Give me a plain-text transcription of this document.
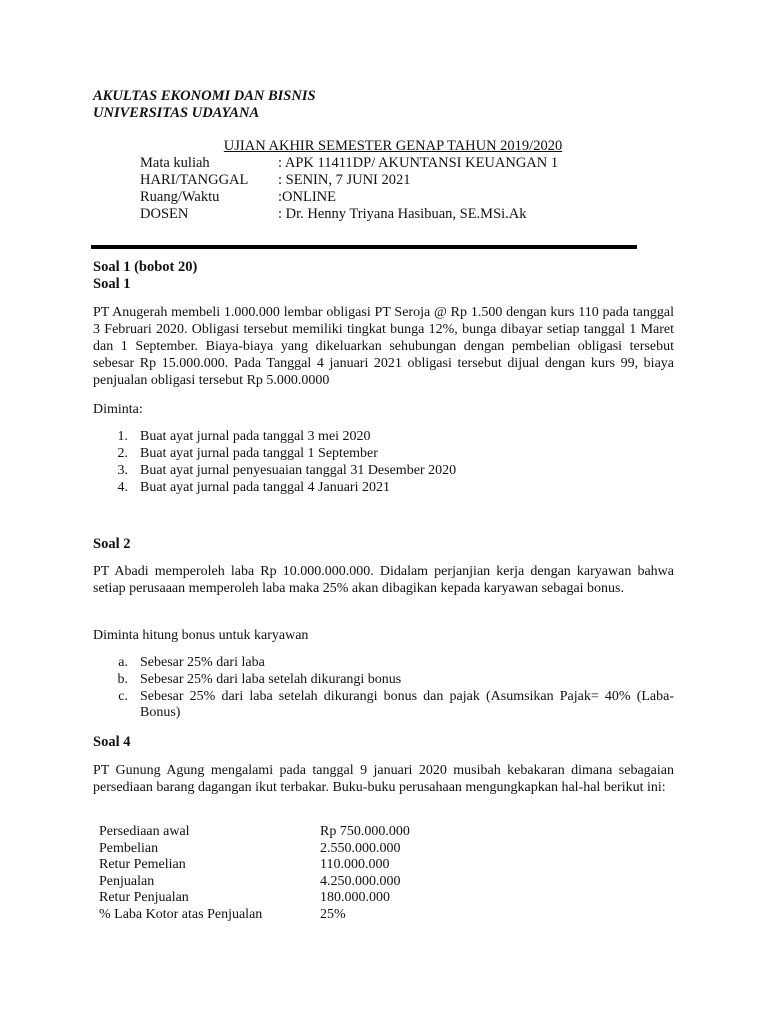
AKULTAS EKONOMI DAN BISNIS
UNIVERSITAS UDAYANA
UJIAN AKHIR SEMESTER GENAP TAHUN 2019/2020
Mata kuliah	: APK 11411DP/ AKUNTANSI KEUANGAN 1
HARI/TANGGAL : SENIN, 7 JUNI 2021
Ruang/Waktu	:ONLINE
DOSEN	: Dr. Henny Triyana Hasibuan, SE.MSi.Ak
Soal 1 (bobot 20)
Soal 1
PT Anugerah membeli 1.000.000 lembar obligasi PT Seroja @ Rp 1.500 dengan kurs 110 pada tanggal 3 Februari 2020. Obligasi tersebut memiliki tingkat bunga 12%, bunga dibayar setiap tanggal 1 Maret dan 1 September. Biaya-biaya yang dikeluarkan sehubungan dengan pembelian obligasi tersebut sebesar Rp 15.000.000. Pada Tanggal 4 januari 2021 obligasi tersebut dijual dengan kurs 99, biaya penjualan obligasi tersebut Rp 5.000.0000
Diminta:
1. Buat ayat jurnal pada tanggal 3 mei 2020
2. Buat ayat jurnal pada tanggal 1 September
3. Buat ayat jurnal penyesuaian tanggal 31 Desember 2020
4. Buat ayat jurnal pada tanggal 4 Januari 2021
Soal 2
PT Abadi memperoleh laba Rp 10.000.000.000. Didalam perjanjian kerja dengan karyawan bahwa setiap perusaaan memperoleh laba maka 25% akan dibagikan kepada karyawan sebagai bonus.
Diminta hitung bonus untuk karyawan
a. Sebesar 25% dari laba
b. Sebesar 25% dari laba setelah dikurangi bonus
c. Sebesar 25% dari laba setelah dikurangi bonus dan pajak (Asumsikan Pajak= 40% (Laba-Bonus)
Soal 4
PT Gunung Agung mengalami pada tanggal 9 januari 2020 musibah kebakaran dimana sebagaian persediaan barang dagangan ikut terbakar. Buku-buku perusahaan mengungkapkan hal-hal berikut ini:
Persediaan awal	Rp 750.000.000
Pembelian	2.550.000.000
Retur Pemelian	110.000.000
Penjualan	4.250.000.000
Retur Penjualan	180.000.000
% Laba Kotor atas Penjualan	25%
